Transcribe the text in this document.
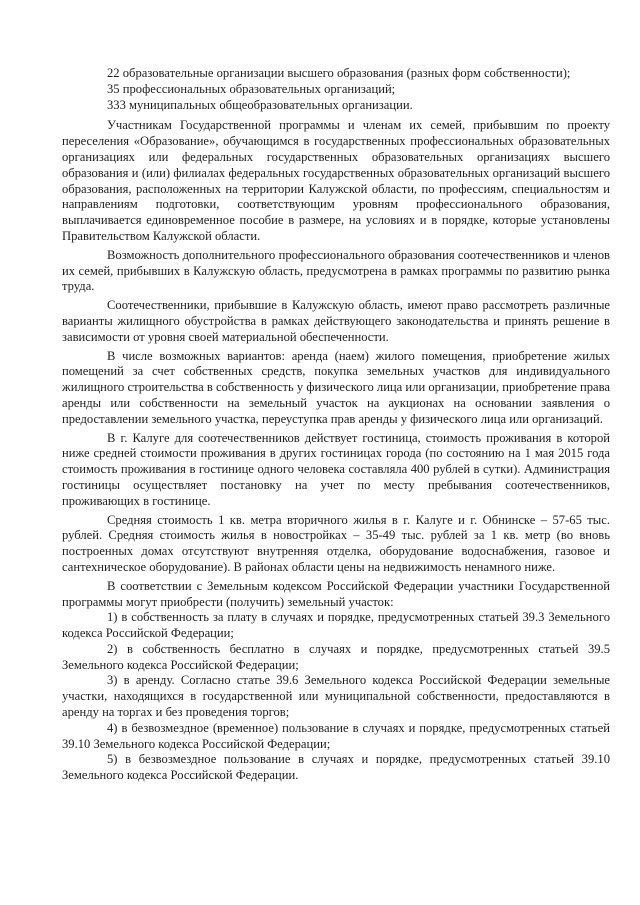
22 образовательные организации высшего образования (разных форм собственности);

35 профессиональных образовательных организаций;

333 муниципальных общеобразовательных организации.

Участникам Государственной программы и членам их семей, прибывшим по проекту переселения «Образование», обучающимся в государственных профессиональных образовательных организациях или федеральных государственных образовательных организациях высшего образования и (или) филиалах федеральных государственных образовательных организаций высшего образования, расположенных на территории Калужской области, по профессиям, специальностям и направлениям подготовки, соответствующим уровням профессионального образования, выплачивается единовременное пособие в размере, на условиях и в порядке, которые установлены Правительством Калужской области.

Возможность дополнительного профессионального образования соотечественников и членов их семей, прибывших в Калужскую область, предусмотрена в рамках программы по развитию рынка труда.

Соотечественники, прибывшие в Калужскую область, имеют право рассмотреть различные варианты жилищного обустройства в рамках действующего законодательства и принять решение в зависимости от уровня своей материальной обеспеченности.

В числе возможных вариантов: аренда (наем) жилого помещения, приобретение жилых помещений за счет собственных средств, покупка земельных участков для индивидуального жилищного строительства в собственность у физического лица или организации, приобретение права аренды или собственности на земельный участок на аукционах на основании заявления о предоставлении земельного участка, переуступка прав аренды у физического лица или организаций.

В г. Калуге для соотечественников действует гостиница, стоимость проживания в которой ниже средней стоимости проживания в других гостиницах города (по состоянию на 1 мая 2015 года стоимость проживания в гостинице одного человека составляла 400 рублей в сутки). Администрация гостиницы осуществляет постановку на учет по месту пребывания соотечественников, проживающих в гостинице.

Средняя стоимость 1 кв. метра вторичного жилья в г. Калуге и г. Обнинске – 57-65 тыс. рублей. Средняя стоимость жилья в новостройках – 35-49 тыс. рублей за 1 кв. метр (во вновь построенных домах отсутствуют внутренняя отделка, оборудование водоснабжения, газовое и сантехническое оборудование). В районах области цены на недвижимость ненамного ниже.

В соответствии с Земельным кодексом Российской Федерации участники Государственной программы могут приобрести (получить) земельный участок:

1) в собственность за плату в случаях и порядке, предусмотренных статьей 39.3 Земельного кодекса Российской Федерации;

2) в собственность бесплатно в случаях и порядке, предусмотренных статьей 39.5 Земельного кодекса Российской Федерации;

3) в аренду. Согласно статье 39.6 Земельного кодекса Российской Федерации земельные участки, находящихся в государственной или муниципальной собственности, предоставляются в аренду на торгах и без проведения торгов;

4) в безвозмездное (временное) пользование в случаях и порядке, предусмотренных статьей 39.10 Земельного кодекса Российской Федерации;

5) в безвозмездное пользование в случаях и порядке, предусмотренных статьей 39.10 Земельного кодекса Российской Федерации.
